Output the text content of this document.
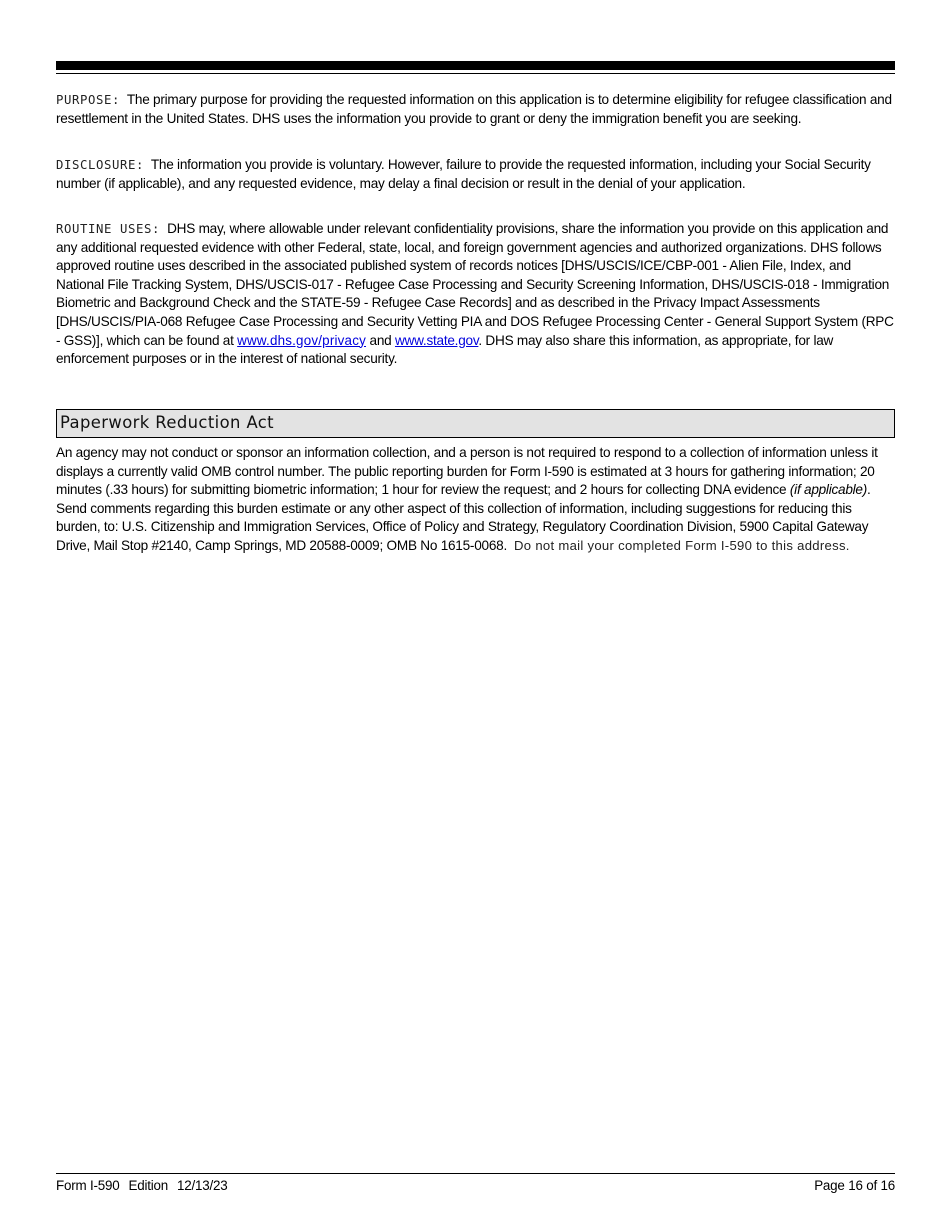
PURPOSE: The primary purpose for providing the requested information on this application is to determine eligibility for refugee classification and resettlement in the United States. DHS uses the information you provide to grant or deny the immigration benefit you are seeking.

DISCLOSURE: The information you provide is voluntary. However, failure to provide the requested information, including your Social Security number (if applicable), and any requested evidence, may delay a final decision or result in the denial of your application.

ROUTINE USES: DHS may, where allowable under relevant confidentiality provisions, share the information you provide on this application and any additional requested evidence with other Federal, state, local, and foreign government agencies and authorized organizations. DHS follows approved routine uses described in the associated published system of records notices [DHS/USCIS/ICE/CBP-001 - Alien File, Index, and National File Tracking System, DHS/USCIS-017 - Refugee Case Processing and Security Screening Information, DHS/USCIS-018 - Immigration Biometric and Background Check and the STATE-59 - Refugee Case Records] and as described in the Privacy Impact Assessments [DHS/USCIS/PIA-068 Refugee Case Processing and Security Vetting PIA and DOS Refugee Processing Center - General Support System (RPC - GSS)], which can be found at www.dhs.gov/privacy and www.state.gov. DHS may also share this information, as appropriate, for law enforcement purposes or in the interest of national security.

Paperwork Reduction Act

An agency may not conduct or sponsor an information collection, and a person is not required to respond to a collection of information unless it displays a currently valid OMB control number. The public reporting burden for Form I-590 is estimated at 3 hours for gathering information; 20 minutes (.33 hours) for submitting biometric information; 1 hour for review the request; and 2 hours for collecting DNA evidence (if applicable). Send comments regarding this burden estimate or any other aspect of this collection of information, including suggestions for reducing this burden, to: U.S. Citizenship and Immigration Services, Office of Policy and Strategy, Regulatory Coordination Division, 5900 Capital Gateway Drive, Mail Stop #2140, Camp Springs, MD 20588-0009; OMB No 1615-0068. Do not mail your completed Form I-590 to this address.

Form I-590 Edition 12/13/23	Page 16 of 16
